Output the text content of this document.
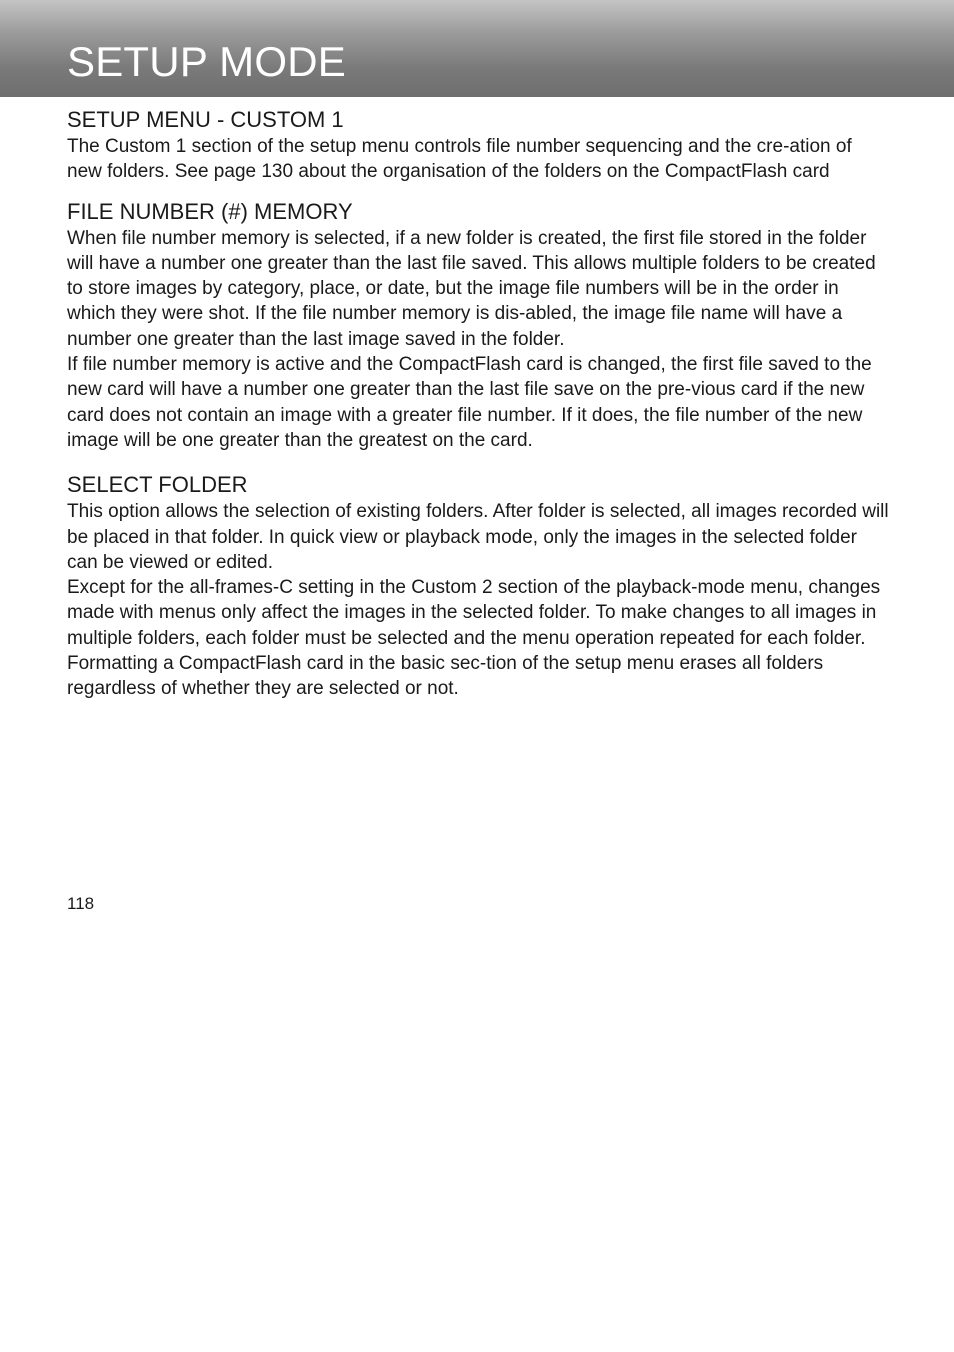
SETUP MODE
SETUP MENU - CUSTOM 1

The Custom 1 section of the setup menu controls file number sequencing and the cre-ation of new folders. See page 130 about the organisation of the folders on the CompactFlash card

FILE NUMBER (#) MEMORY

When file number memory is selected, if a new folder is created, the first file stored in the folder will have a number one greater than the last file saved. This allows multiple folders to be created to store images by category, place, or date, but the image file numbers will be in the order in which they were shot. If the file number memory is dis-abled, the image file name will have a number one greater than the last image saved in the folder.

If file number memory is active and the CompactFlash card is changed, the first file saved to the new card will have a number one greater than the last file save on the pre-vious card if the new card does not contain an image with a greater file number. If it does, the file number of the new image will be one greater than the greatest on the card.

SELECT FOLDER

This option allows the selection of existing folders. After folder is selected, all images recorded will be placed in that folder. In quick view or playback mode, only the images in the selected folder can be viewed or edited.

Except for the all-frames-C setting in the Custom 2 section of the playback-mode menu, changes made with menus only affect the images in the selected folder. To make changes to all images in multiple folders, each folder must be selected and the menu operation repeated for each folder. Formatting a CompactFlash card in the basic sec-tion of the setup menu erases all folders regardless of whether they are selected or not.

118
